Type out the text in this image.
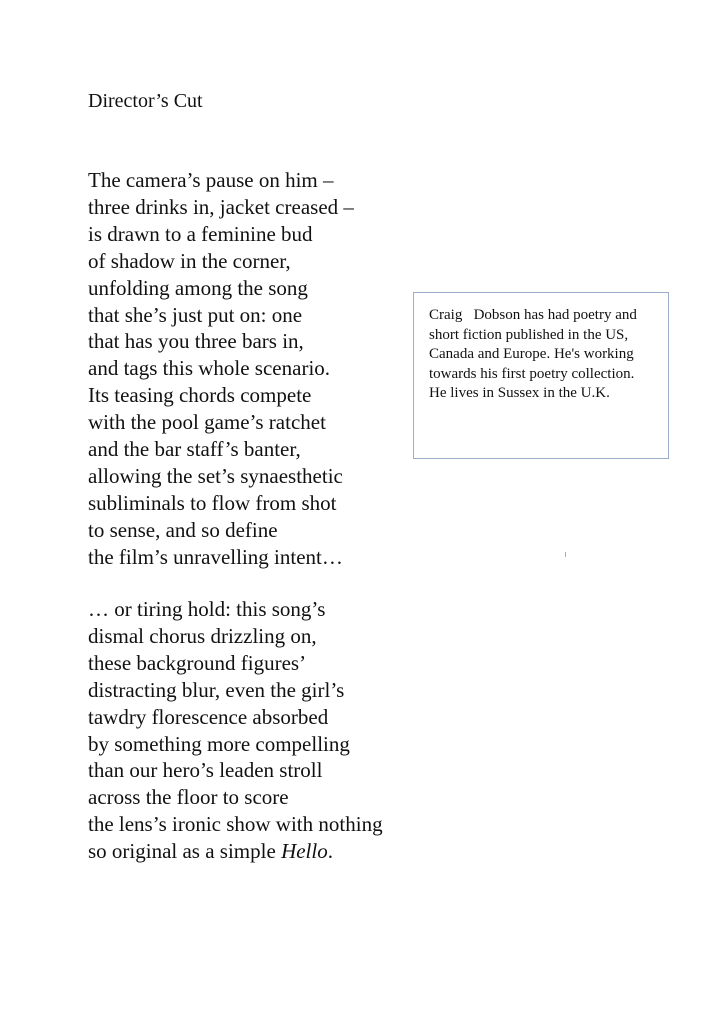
Director’s Cut
The camera’s pause on him –
three drinks in, jacket creased –
is drawn to a feminine bud
of shadow in the corner,
unfolding among the song
that she’s just put on: one
that has you three bars in,
and tags this whole scenario.
Its teasing chords compete
with the pool game’s ratchet
and the bar staff’s banter,
allowing the set’s synaesthetic
subliminals to flow from shot
to sense, and so define
the film’s unravelling intent…
… or tiring hold: this song’s
dismal chorus drizzling on,
these background figures’
distracting blur, even the girl’s
tawdry florescence absorbed
by something more compelling
than our hero’s leaden stroll
across the floor to score
the lens’s ironic show with nothing
so original as a simple Hello.
Craig   Dobson has had poetry and short fiction published in the US, Canada and Europe. He's working towards his first poetry collection. He lives in Sussex in the U.K.
